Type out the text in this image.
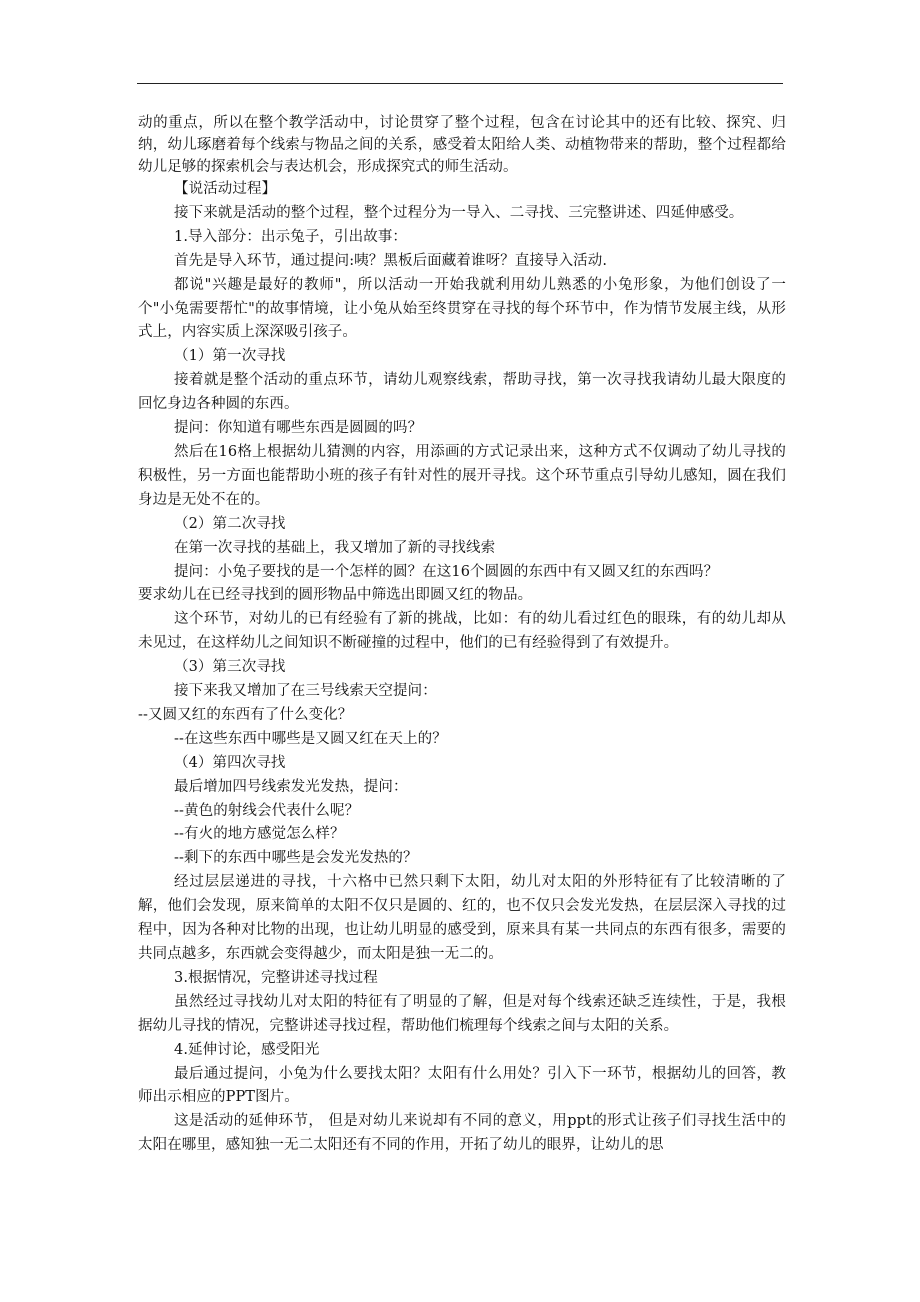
动的重点，所以在整个教学活动中，讨论贯穿了整个过程，包含在讨论其中的还有比较、探究、归纳，幼儿琢磨着每个线索与物品之间的关系，感受着太阳给人类、动植物带来的帮助，整个过程都给幼儿足够的探索机会与表达机会，形成探究式的师生活动。

【说活动过程】

接下来就是活动的整个过程，整个过程分为一导入、二寻找、三完整讲述、四延伸感受。

1.导入部分：出示兔子，引出故事：

首先是导入环节，通过提问:咦？黑板后面藏着谁呀？直接导入活动.

都说"兴趣是最好的教师"，所以活动一开始我就利用幼儿熟悉的小兔形象，为他们创设了一个"小兔需要帮忙"的故事情境，让小兔从始至终贯穿在寻找的每个环节中，作为情节发展主线，从形式上，内容实质上深深吸引孩子。

（1）第一次寻找

接着就是整个活动的重点环节，请幼儿观察线索，帮助寻找，第一次寻找我请幼儿最大限度的回忆身边各种圆的东西。

提问：你知道有哪些东西是圆圆的吗？

然后在16格上根据幼儿猜测的内容，用添画的方式记录出来，这种方式不仅调动了幼儿寻找的积极性，另一方面也能帮助小班的孩子有针对性的展开寻找。这个环节重点引导幼儿感知，圆在我们身边是无处不在的。

（2）第二次寻找

在第一次寻找的基础上，我又增加了新的寻找线索

提问：小兔子要找的是一个怎样的圆？在这16个圆圆的东西中有又圆又红的东西吗？

要求幼儿在已经寻找到的圆形物品中筛选出即圆又红的物品。

这个环节，对幼儿的已有经验有了新的挑战，比如：有的幼儿看过红色的眼珠，有的幼儿却从未见过，在这样幼儿之间知识不断碰撞的过程中，他们的已有经验得到了有效提升。

（3）第三次寻找

接下来我又增加了在三号线索天空提问：

--又圆又红的东西有了什么变化？

--在这些东西中哪些是又圆又红在天上的？

（4）第四次寻找

最后增加四号线索发光发热，提问：

--黄色的射线会代表什么呢？

--有火的地方感觉怎么样？

--剩下的东西中哪些是会发光发热的？

经过层层递进的寻找，十六格中已然只剩下太阳，幼儿对太阳的外形特征有了比较清晰的了解，他们会发现，原来简单的太阳不仅只是圆的、红的，也不仅只会发光发热，在层层深入寻找的过程中，因为各种对比物的出现，也让幼儿明显的感受到，原来具有某一共同点的东西有很多，需要的共同点越多，东西就会变得越少，而太阳是独一无二的。

3.根据情况，完整讲述寻找过程

虽然经过寻找幼儿对太阳的特征有了明显的了解，但是对每个线索还缺乏连续性，于是，我根据幼儿寻找的情况，完整讲述寻找过程，帮助他们梳理每个线索之间与太阳的关系。

4.延伸讨论，感受阳光

最后通过提问，小兔为什么要找太阳？太阳有什么用处？引入下一环节，根据幼儿的回答，教师出示相应的PPT图片。

这是活动的延伸环节， 但是对幼儿来说却有不同的意义，用ppt的形式让孩子们寻找生活中的太阳在哪里，感知独一无二太阳还有不同的作用，开拓了幼儿的眼界，让幼儿的思
